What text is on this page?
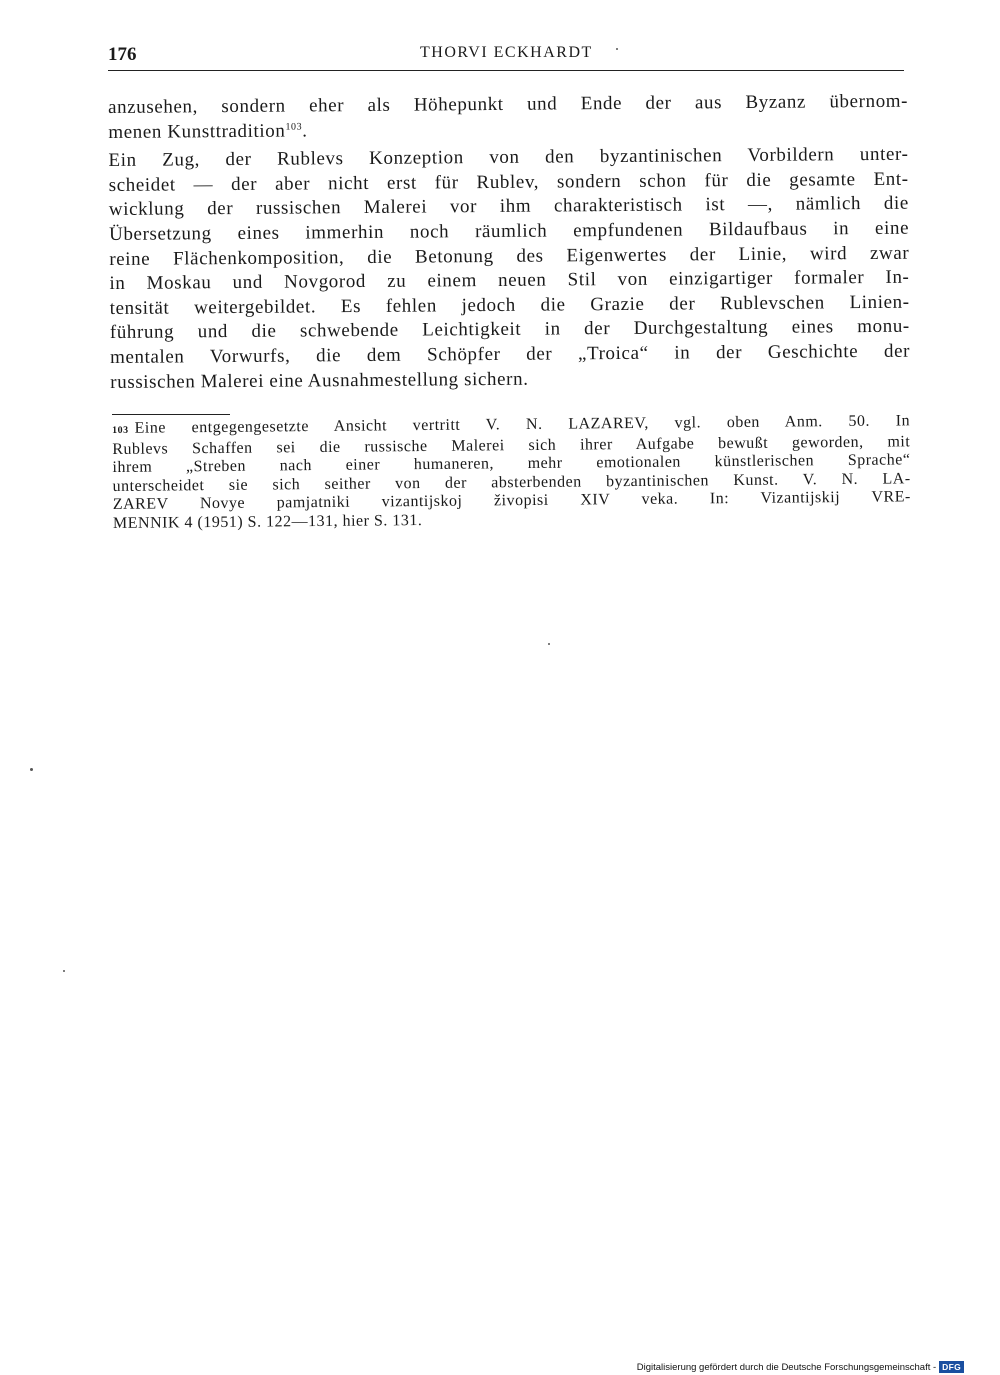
176	THORVI ECKHARDT

anzusehen, sondern eher als Höhepunkt und Ende der aus Byzanz übernom-
menen Kunsttradition$^{103}$.

Ein Zug, der Rublevs Konzeption von den byzantinischen Vorbildern unter-
scheidet — der aber nicht erst für Rublev, sondern schon für die gesamte Ent-
wicklung der russischen Malerei vor ihm charakteristisch ist —, nämlich die
Übersetzung eines immerhin noch räumlich empfundenen Bildaufbaus in eine
reine Flächenkomposition, die Betonung des Eigenwertes der Linie, wird zwar
in Moskau und Novgorod zu einem neuen Stil von einzigartiger formaler In-
tensität weitergebildet. Es fehlen jedoch die Grazie der Rublevschen Linien-
führung und die schwebende Leichtigkeit in der Durchgestaltung eines monu-
mentalen Vorwurfs, die dem Schöpfer der „Troica“ in der Geschichte der
russischen Malerei eine Ausnahmestellung sichern.

103 Eine entgegengesetzte Ansicht vertritt V. N. LAZAREV, vgl. oben Anm. 50. In
Rublevs Schaffen sei die russische Malerei sich ihrer Aufgabe bewußt geworden, mit
ihrem „Streben nach einer humaneren, mehr emotionalen künstlerischen Sprache“
unterscheidet sie sich seither von der absterbenden byzantinischen Kunst. V. N. LA-
ZAREV Novye pamjatniki vizantijskoj živopisi XIV veka. In: Vizantijskij VRE-
MENNIK 4 (1951) S. 122—131, hier S. 131.
Digitalisierung gefördert durch die Deutsche Forschungsgemeinschaft - DFG
